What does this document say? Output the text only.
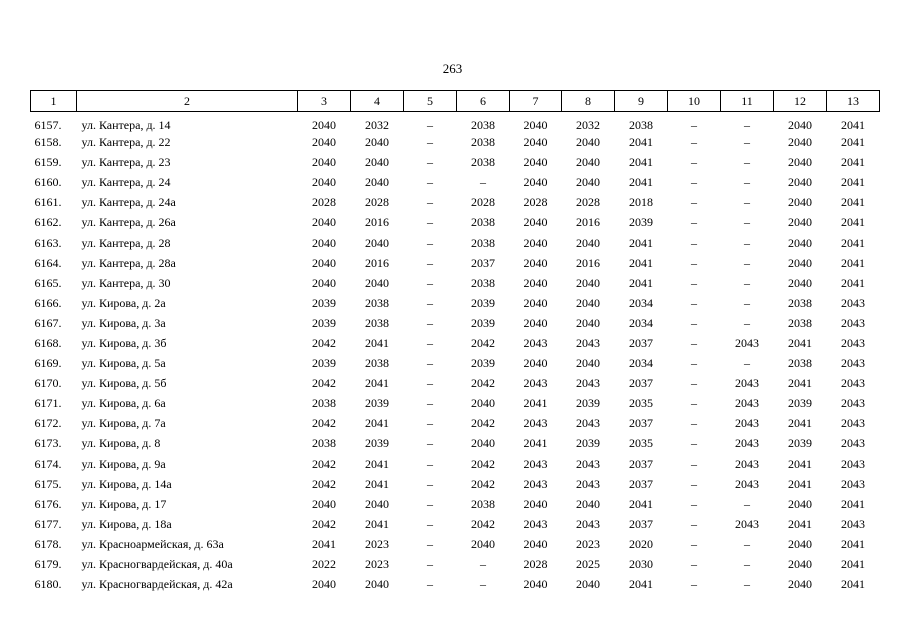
263
1	2	3	4	5	6	7	8	9	10	11	12	13
6157.	ул. Кантера, д. 14	2040	2032	–	2038	2040	2032	2038	–	–	2040	2041
6158.	ул. Кантера, д. 22	2040	2040	–	2038	2040	2040	2041	–	–	2040	2041
6159.	ул. Кантера, д. 23	2040	2040	–	2038	2040	2040	2041	–	–	2040	2041
6160.	ул. Кантера, д. 24	2040	2040	–	–	2040	2040	2041	–	–	2040	2041
6161.	ул. Кантера, д. 24а	2028	2028	–	2028	2028	2028	2018	–	–	2040	2041
6162.	ул. Кантера, д. 26а	2040	2016	–	2038	2040	2016	2039	–	–	2040	2041
6163.	ул. Кантера, д. 28	2040	2040	–	2038	2040	2040	2041	–	–	2040	2041
6164.	ул. Кантера, д. 28а	2040	2016	–	2037	2040	2016	2041	–	–	2040	2041
6165.	ул. Кантера, д. 30	2040	2040	–	2038	2040	2040	2041	–	–	2040	2041
6166.	ул. Кирова, д. 2а	2039	2038	–	2039	2040	2040	2034	–	–	2038	2043
6167.	ул. Кирова, д. 3а	2039	2038	–	2039	2040	2040	2034	–	–	2038	2043
6168.	ул. Кирова, д. 3б	2042	2041	–	2042	2043	2043	2037	–	2043	2041	2043
6169.	ул. Кирова, д. 5а	2039	2038	–	2039	2040	2040	2034	–	–	2038	2043
6170.	ул. Кирова, д. 5б	2042	2041	–	2042	2043	2043	2037	–	2043	2041	2043
6171.	ул. Кирова, д. 6а	2038	2039	–	2040	2041	2039	2035	–	2043	2039	2043
6172.	ул. Кирова, д. 7а	2042	2041	–	2042	2043	2043	2037	–	2043	2041	2043
6173.	ул. Кирова, д. 8	2038	2039	–	2040	2041	2039	2035	–	2043	2039	2043
6174.	ул. Кирова, д. 9а	2042	2041	–	2042	2043	2043	2037	–	2043	2041	2043
6175.	ул. Кирова, д. 14а	2042	2041	–	2042	2043	2043	2037	–	2043	2041	2043
6176.	ул. Кирова, д. 17	2040	2040	–	2038	2040	2040	2041	–	–	2040	2041
6177.	ул. Кирова, д. 18а	2042	2041	–	2042	2043	2043	2037	–	2043	2041	2043
6178.	ул. Красноармейская, д. 63а	2041	2023	–	2040	2040	2023	2020	–	–	2040	2041
6179.	ул. Красногвардейская, д. 40а	2022	2023	–	–	2028	2025	2030	–	–	2040	2041
6180.	ул. Красногвардейская, д. 42а	2040	2040	–	–	2040	2040	2041	–	–	2040	2041
